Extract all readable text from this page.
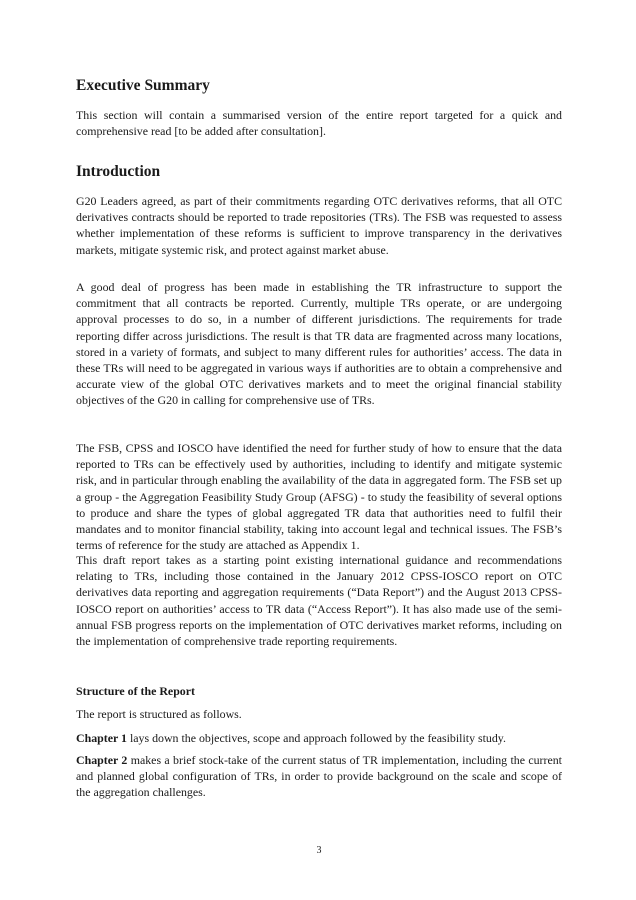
Executive Summary

This section will contain a summarised version of the entire report targeted for a quick and comprehensive read [to be added after consultation].

Introduction

G20 Leaders agreed, as part of their commitments regarding OTC derivatives reforms, that all OTC derivatives contracts should be reported to trade repositories (TRs). The FSB was requested to assess whether implementation of these reforms is sufficient to improve transparency in the derivatives markets, mitigate systemic risk, and protect against market abuse.

A good deal of progress has been made in establishing the TR infrastructure to support the commitment that all contracts be reported. Currently, multiple TRs operate, or are undergoing approval processes to do so, in a number of different jurisdictions. The requirements for trade reporting differ across jurisdictions. The result is that TR data are fragmented across many locations, stored in a variety of formats, and subject to many different rules for authorities’ access. The data in these TRs will need to be aggregated in various ways if authorities are to obtain a comprehensive and accurate view of the global OTC derivatives markets and to meet the original financial stability objectives of the G20 in calling for comprehensive use of TRs.

The FSB, CPSS and IOSCO have identified the need for further study of how to ensure that the data reported to TRs can be effectively used by authorities, including to identify and mitigate systemic risk, and in particular through enabling the availability of the data in aggregated form. The FSB set up a group - the Aggregation Feasibility Study Group (AFSG) - to study the feasibility of several options to produce and share the types of global aggregated TR data that authorities need to fulfil their mandates and to monitor financial stability, taking into account legal and technical issues. The FSB’s terms of reference for the study are attached as Appendix 1.

This draft report takes as a starting point existing international guidance and recommendations relating to TRs, including those contained in the January 2012 CPSS-IOSCO report on OTC derivatives data reporting and aggregation requirements (“Data Report”) and the August 2013 CPSS-IOSCO report on authorities’ access to TR data (“Access Report”). It has also made use of the semi-annual FSB progress reports on the implementation of OTC derivatives market reforms, including on the implementation of comprehensive trade reporting requirements.

Structure of the Report

The report is structured as follows.

Chapter 1 lays down the objectives, scope and approach followed by the feasibility study.

Chapter 2 makes a brief stock-take of the current status of TR implementation, including the current and planned global configuration of TRs, in order to provide background on the scale and scope of the aggregation challenges.

3
